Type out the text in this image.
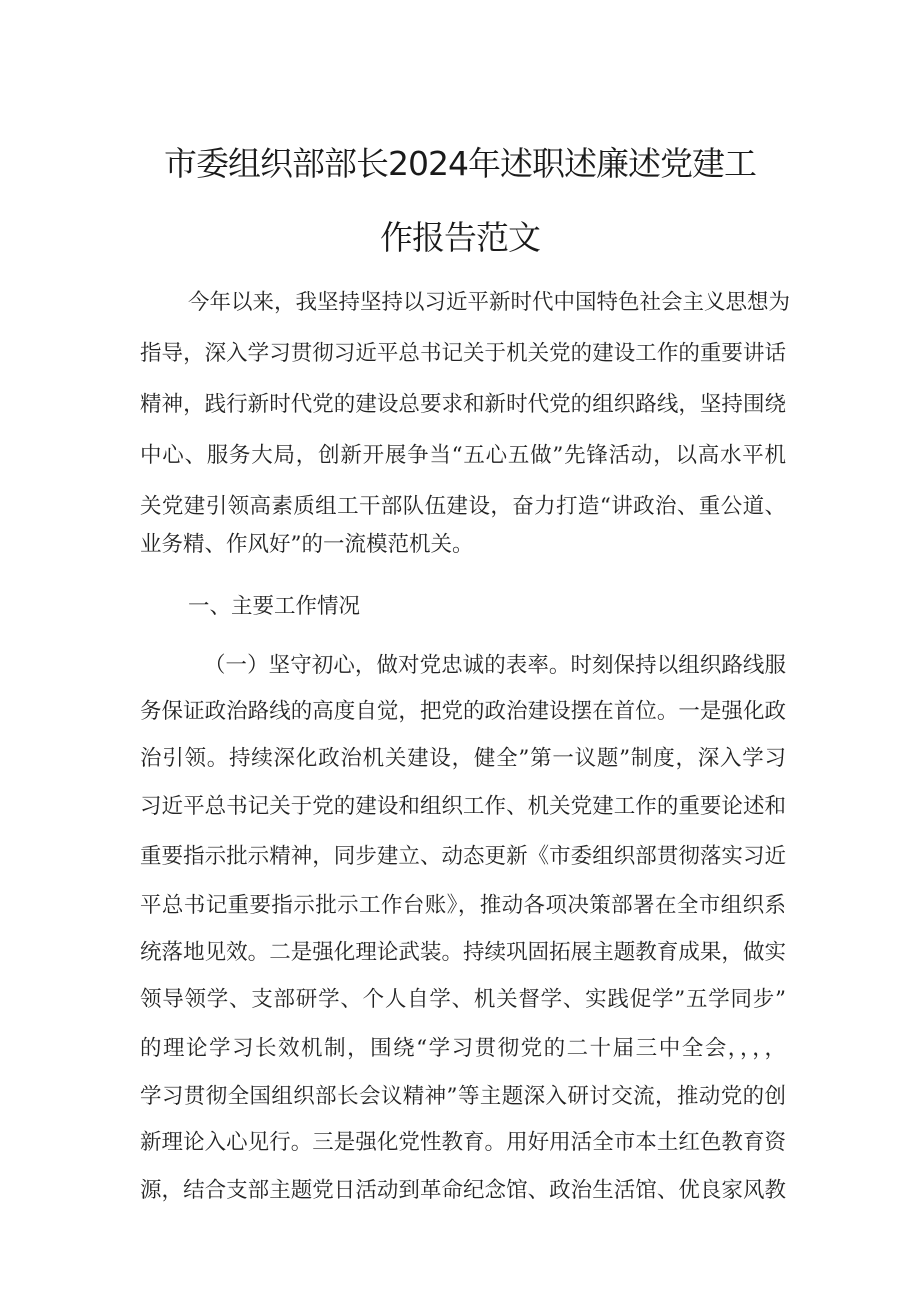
市委组织部部长2024年述职述廉述党建工
作报告范文
今年以来，我坚持坚持以习近平新时代中国特色社会主义思想为
指导，深入学习贯彻习近平总书记关于机关党的建设工作的重要讲话
精神，践行新时代党的建设总要求和新时代党的组织路线，坚持围绕
中心、服务大局，创新开展争当“五心五做”先锋活动，以高水平机
关党建引领高素质组工干部队伍建设，奋力打造“讲政治、重公道、
业务精、作风好”的一流模范机关。
一、主要工作情况
（一）坚守初心，做对党忠诚的表率。时刻保持以组织路线服
务保证政治路线的高度自觉，把党的政治建设摆在首位。一是强化政
治引领。持续深化政治机关建设，健全”第一议题”制度，深入学习
习近平总书记关于党的建设和组织工作、机关党建工作的重要论述和
重要指示批示精神，同步建立、动态更新《市委组织部贯彻落实习近
平总书记重要指示批示工作台账》，推动各项决策部署在全市组织系
统落地见效。二是强化理论武装。持续巩固拓展主题教育成果，做实
领导领学、支部研学、个人自学、机关督学、实践促学”五学同步”
的理论学习长效机制，围绕“学习贯彻党的二十届三中全会，，，，
学习贯彻全国组织部长会议精神”等主题深入研讨交流，推动党的创
新理论入心见行。三是强化党性教育。用好用活全市本土红色教育资
源，结合支部主题党日活动到革命纪念馆、政治生活馆、优良家风教
